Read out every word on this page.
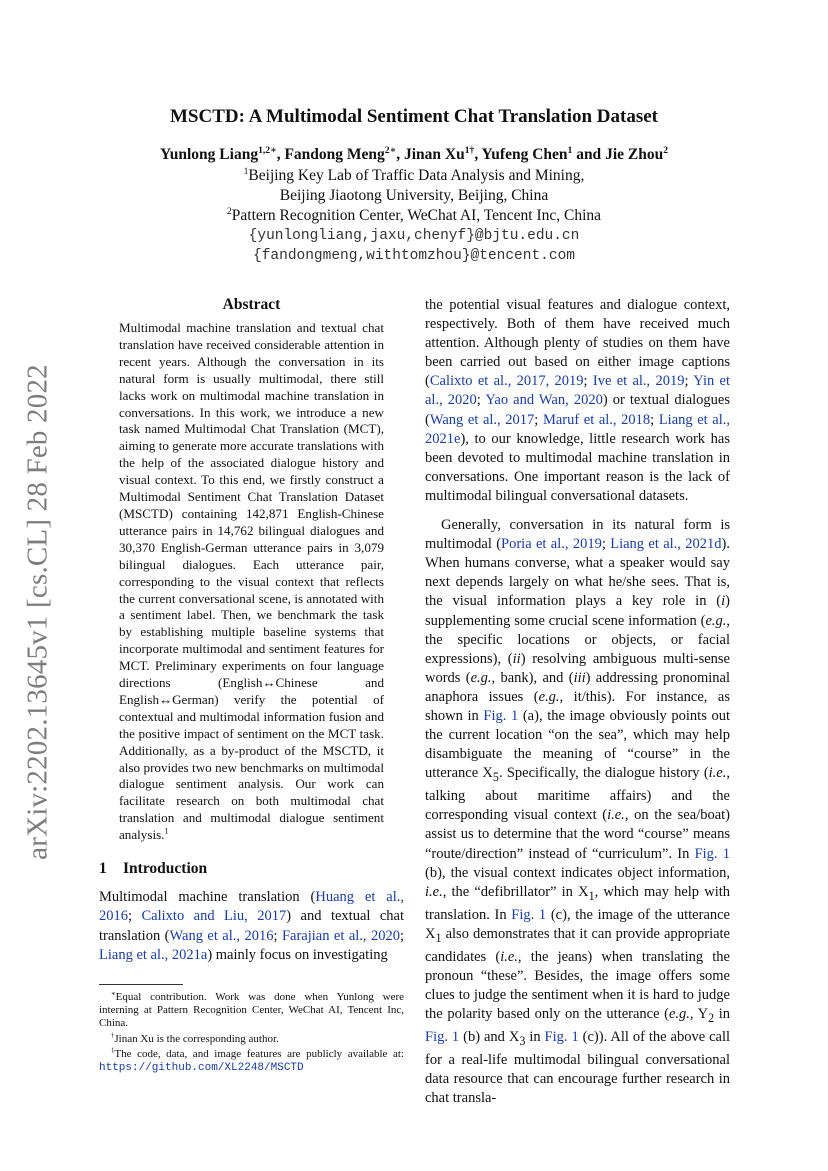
arXiv:2202.13645v1 [cs.CL] 28 Feb 2022
MSCTD: A Multimodal Sentiment Chat Translation Dataset
Yunlong Liang$^{1,2∗}$, Fandong Meng$^{2∗}$, Jinan $Xu^{1\dagger}$, Yufeng Chen$^1$ and Jie Zhou$^2$
$^1$Beijing Key Lab of Traffic Data Analysis and Mining,
Beijing Jiaotong University, Beijing, China
$^2$Pattern Recognition Center, WeChat AI, Tencent Inc, China
{yunlongliang,jaxu,chenyf}@bjtu.edu.cn
{fandongmeng,withtomzhou}@tencent.com
Abstract

Multimodal machine translation and textual chat translation have received considerable attention in recent years. Although the conversation in its natural form is usually multimodal, there still lacks work on multimodal machine translation in conversations. In this work, we introduce a new task named Multimodal Chat Translation (MCT), aiming to generate more accurate translations with the help of the associated dialogue history and visual context. To this end, we firstly construct a Multimodal Sentiment Chat Translation Dataset (MSCTD) containing 142,871 English-Chinese utterance pairs in 14,762 bilingual dialogues and 30,370 English-German utterance pairs in 3,079 bilingual dialogues. Each utterance pair, corresponding to the visual context that reflects the current conversational scene, is annotated with a sentiment label. Then, we benchmark the task by establishing multiple baseline systems that incorporate multimodal and sentiment features for MCT. Preliminary experiments on four language directions (English↔Chinese and English↔German) verify the potential of contextual and multimodal information fusion and the positive impact of sentiment on the MCT task. Additionally, as a by-product of the MSCTD, it also provides two new benchmarks on multimodal dialogue sentiment analysis. Our work can facilitate research on both multimodal chat translation and multimodal dialogue sentiment analysis.$^1$

1 Introduction

Multimodal machine translation (Huang et al., 2016; Calixto and Liu, 2017) and textual chat translation (Wang et al., 2016; Farajian et al., 2020; Liang et al., 2021a) mainly focus on investigating

∗Equal contribution. Work was done when Yunlong were interning at Pattern Recognition Center, WeChat AI, Tencent Inc, China.

†Jinan Xu is the corresponding author.

$^1$The code, data, and image features are publicly available at: https://github.com/XL2248/MSCTD

the potential visual features and dialogue context, respectively. Both of them have received much attention. Although plenty of studies on them have been carried out based on either image captions (Calixto et al., 2017, 2019; Ive et al., 2019; Yin et al., 2020; Yao and Wan, 2020) or textual dialogues (Wang et al., 2017; Maruf et al., 2018; Liang et al., 2021e), to our knowledge, little research work has been devoted to multimodal machine translation in conversations. One important reason is the lack of multimodal bilingual conversational datasets.

Generally, conversation in its natural form is multimodal (Poria et al., 2019; Liang et al., 2021d). When humans converse, what a speaker would say next depends largely on what he/she sees. That is, the visual information plays a key role in (i) supplementing some crucial scene information (e.g., the specific locations or objects, or facial expressions), (ii) resolving ambiguous multi-sense words (e.g., bank), and (iii) addressing pronominal anaphora issues (e.g., it/this). For instance, as shown in Fig. 1 (a), the image obviously points out the current location “on the sea”, which may help disambiguate the meaning of “course” in the utterance $X_5$. Specifically, the dialogue history (i.e., talking about maritime affairs) and the corresponding visual context (i.e., on the sea/boat) assist us to determine that the word “course” means “route/direction” instead of “curriculum”. In Fig. 1 (b), the visual context indicates object information, i.e., the “defibrillator” in $X_1$, which may help with translation. In Fig. 1 (c), the image of the utterance $X_1$ also demonstrates that it can provide appropriate candidates (i.e., the jeans) when translating the pronoun “these”. Besides, the image offers some clues to judge the sentiment when it is hard to judge the polarity based only on the utterance (e.g., $Y_2$ in Fig. 1 (b) and $X_3$ in Fig. 1 (c)). All of the above call for a real-life multimodal bilingual conversational data resource that can encourage further research in chat transla-
